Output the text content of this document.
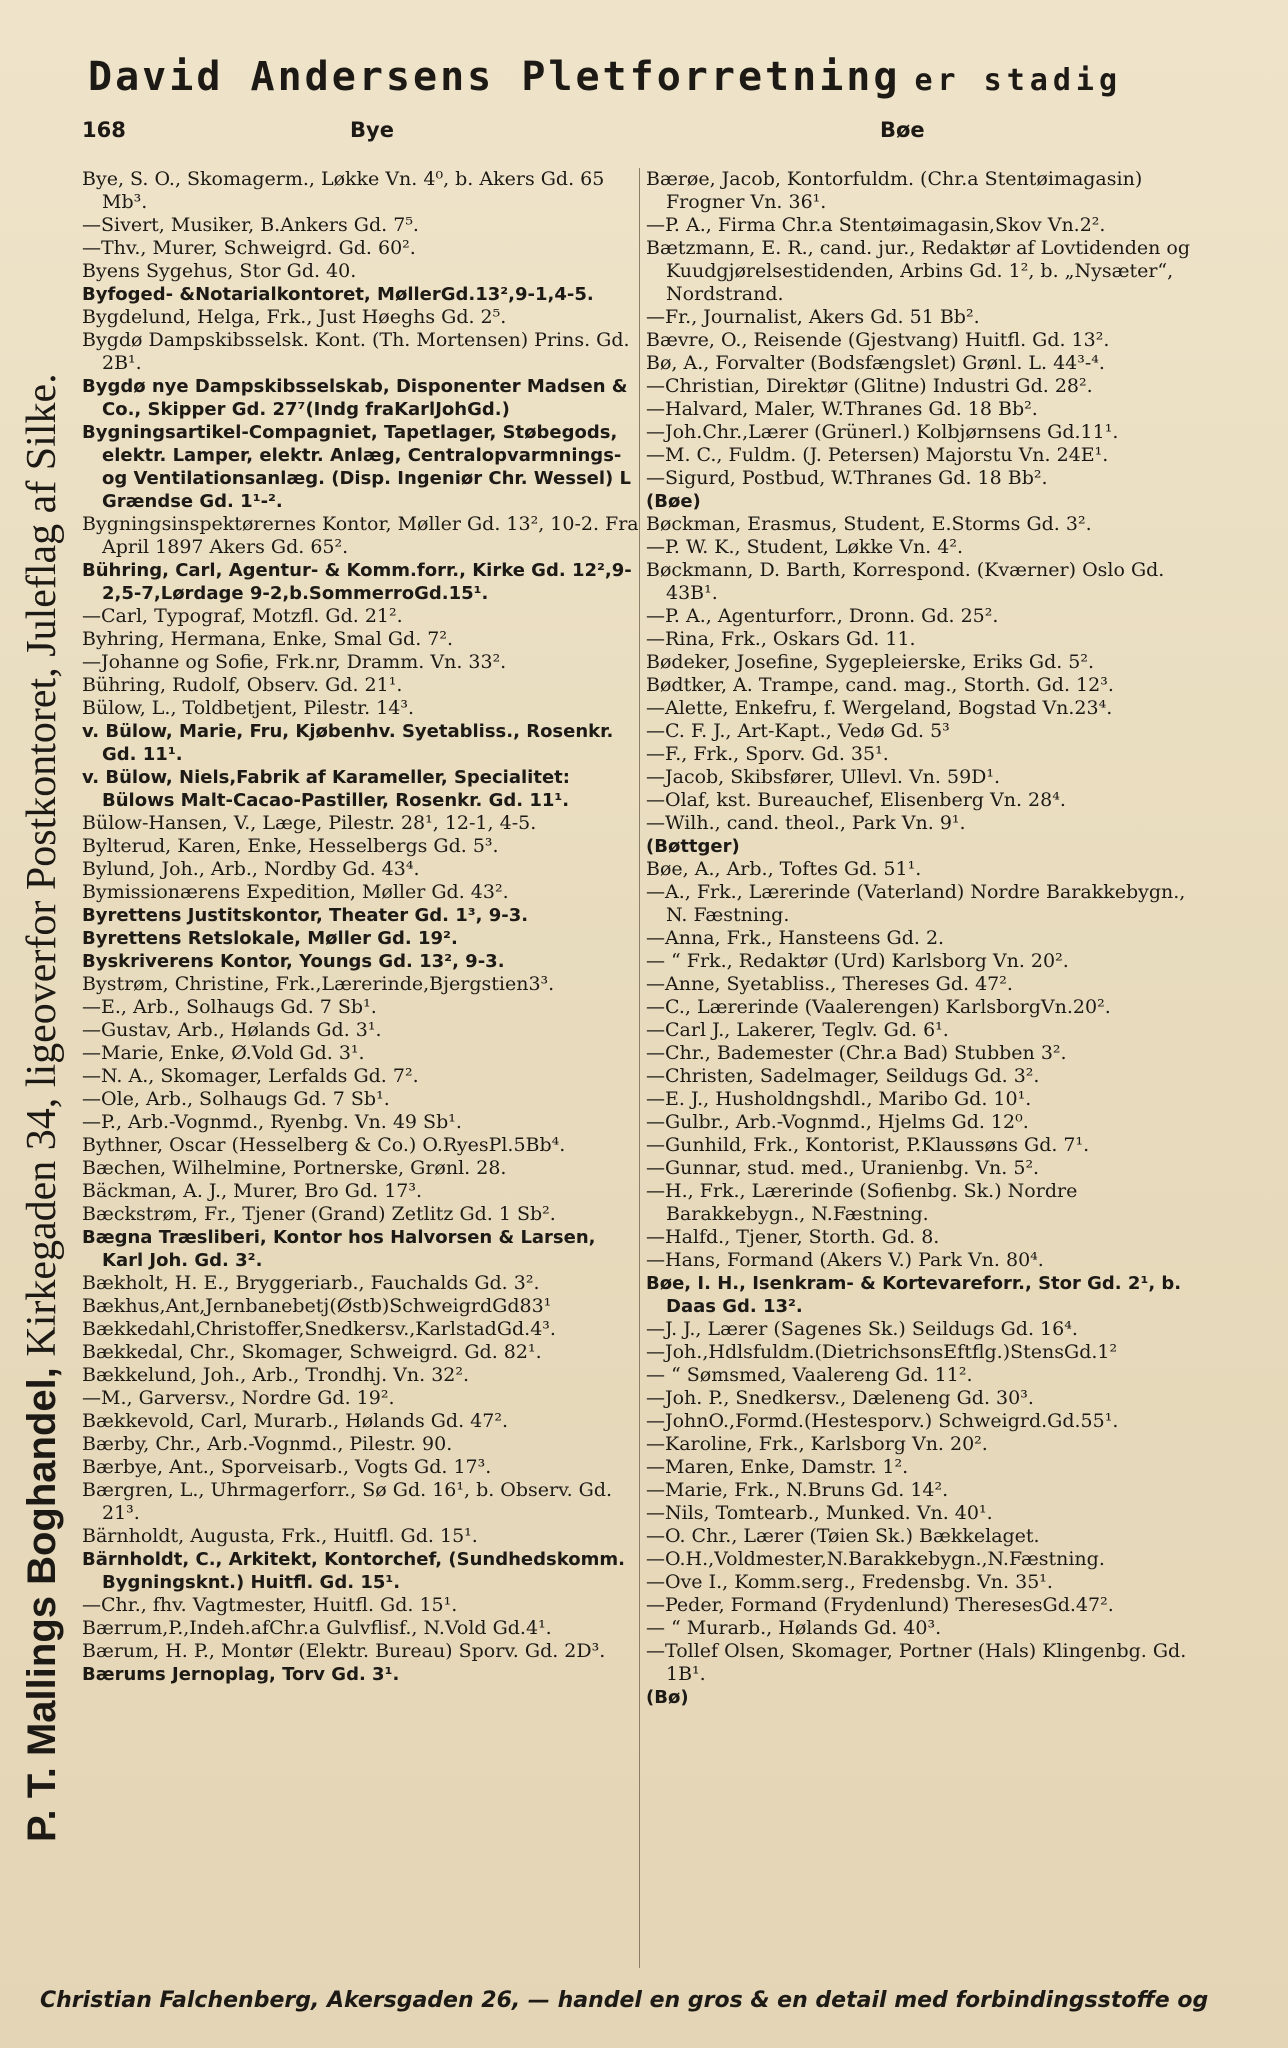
David Andersens Pletforretning er stadig
168	Bye	Bøe
P. T. Mallings Boghandel, Kirkegaden 34, ligeoverfor Postkontoret, Juleflag af Silke.
Bye, S. O., Skomagerm., Løkke Vn. 4⁰, b. Akers Gd. 65 Mb³.
—Sivert, Musiker, B.Ankers Gd. 7⁵.
—Thv., Murer, Schweigrd. Gd. 60².
Byens Sygehus, Stor Gd. 40.
Byfoged- &Notarialkontoret, MøllerGd.13²,9-1,4-5.
Bygdelund, Helga, Frk., Just Høeghs Gd. 2⁵.
Bygdø Dampskibsselsk. Kont. (Th. Mortensen) Prins. Gd. 2B¹.
Bygdø nye Dampskibsselskab, Disponenter Madsen & Co., Skipper Gd. 27⁷(Indg fraKarlJohGd.)
Bygningsartikel-Compagniet, Tapetlager, Støbegods, elektr. Lamper, elektr. Anlæg, Centralopvarmnings- og Ventilationsanlæg. (Disp. Ingeniør Chr. Wessel) L Grændse Gd. 1¹-².
Bygningsinspektørernes Kontor, Møller Gd. 13², 10-2. Fra April 1897 Akers Gd. 65².
Bühring, Carl, Agentur- & Komm.forr., Kirke Gd. 12²,9-2,5-7,Lørdage 9-2,b.SommerroGd.15¹.
—Carl, Typograf, Motzfl. Gd. 21².
Byhring, Hermana, Enke, Smal Gd. 7².
—Johanne og Sofie, Frk.nr, Dramm. Vn. 33².
Bühring, Rudolf, Observ. Gd. 21¹.
Bülow, L., Toldbetjent, Pilestr. 14³.
v. Bülow, Marie, Fru, Kjøbenhv. Syetabliss., Rosenkr. Gd. 11¹.
v. Bülow, Niels,Fabrik af Karameller, Specialitet: Bülows Malt-Cacao-Pastiller, Rosenkr. Gd. 11¹.
Bülow-Hansen, V., Læge, Pilestr. 28¹, 12-1, 4-5.
Bylterud, Karen, Enke, Hesselbergs Gd. 5³.
Bylund, Joh., Arb., Nordby Gd. 43⁴.
Bymissionærens Expedition, Møller Gd. 43².
Byrettens Justitskontor, Theater Gd. 1³, 9-3.
Byrettens Retslokale, Møller Gd. 19².
Byskriverens Kontor, Youngs Gd. 13², 9-3.
Bystrøm, Christine, Frk.,Lærerinde,Bjergstien3³.
—E., Arb., Solhaugs Gd. 7 Sb¹.
—Gustav, Arb., Hølands Gd. 3¹.
—Marie, Enke, Ø.Vold Gd. 3¹.
—N. A., Skomager, Lerfalds Gd. 7².
—Ole, Arb., Solhaugs Gd. 7 Sb¹.
—P., Arb.-Vognmd., Ryenbg. Vn. 49 Sb¹.
Bythner, Oscar (Hesselberg & Co.) O.RyesPl.5Bb⁴.
Bæchen, Wilhelmine, Portnerske, Grønl. 28.
Bäckman, A. J., Murer, Bro Gd. 17³.
Bæckstrøm, Fr., Tjener (Grand) Zetlitz Gd. 1 Sb².
Bægna Træsliberi, Kontor hos Halvorsen & Larsen, Karl Joh. Gd. 3².
Bækholt, H. E., Bryggeriarb., Fauchalds Gd. 3².
Bækhus,Ant,Jernbanebetj(Østb)SchweigrdGd83¹
Bækkedahl,Christoffer,Snedkersv.,KarlstadGd.4³.
Bækkedal, Chr., Skomager, Schweigrd. Gd. 82¹.
Bækkelund, Joh., Arb., Trondhj. Vn. 32².
—M., Garversv., Nordre Gd. 19².
Bækkevold, Carl, Murarb., Hølands Gd. 47².
Bærby, Chr., Arb.-Vognmd., Pilestr. 90.
Bærbye, Ant., Sporveisarb., Vogts Gd. 17³.
Bærgren, L., Uhrmagerforr., Sø Gd. 16¹, b. Observ. Gd. 21³.
Bärnholdt, Augusta, Frk., Huitfl. Gd. 15¹.
Bärnholdt, C., Arkitekt, Kontorchef, (Sundhedskomm. Bygningsknt.) Huitfl. Gd. 15¹.
—Chr., fhv. Vagtmester, Huitfl. Gd. 15¹.
Bærrum,P.,Indeh.afChr.a Gulvflisf., N.Vold Gd.4¹.
Bærum, H. P., Montør (Elektr. Bureau) Sporv. Gd. 2D³.
Bærums Jernoplag, Torv Gd. 3¹.
Bærøe, Jacob, Kontorfuldm. (Chr.a Stentøimagasin) Frogner Vn. 36¹.
—P. A., Firma Chr.a Stentøimagasin,Skov Vn.2².
Bætzmann, E. R., cand. jur., Redaktør af Lovtidenden og Kuudgjørelsestidenden, Arbins Gd. 1², b. „Nysæter“, Nordstrand.
—Fr., Journalist, Akers Gd. 51 Bb².
Bævre, O., Reisende (Gjestvang) Huitfl. Gd. 13².
Bø, A., Forvalter (Bodsfængslet) Grønl. L. 44³-⁴.
—Christian, Direktør (Glitne) Industri Gd. 28².
—Halvard, Maler, W.Thranes Gd. 18 Bb².
—Joh.Chr.,Lærer (Grünerl.) Kolbjørnsens Gd.11¹.
—M. C., Fuldm. (J. Petersen) Majorstu Vn. 24E¹.
—Sigurd, Postbud, W.Thranes Gd. 18 Bb².
(Bøe)
Bøckman, Erasmus, Student, E.Storms Gd. 3².
—P. W. K., Student, Løkke Vn. 4².
Bøckmann, D. Barth, Korrespond. (Kværner) Oslo Gd. 43B¹.
—P. A., Agenturforr., Dronn. Gd. 25².
—Rina, Frk., Oskars Gd. 11.
Bødeker, Josefine, Sygepleierske, Eriks Gd. 5².
Bødtker, A. Trampe, cand. mag., Storth. Gd. 12³.
—Alette, Enkefru, f. Wergeland, Bogstad Vn.23⁴.
—C. F. J., Art-Kapt., Vedø Gd. 5³
—F., Frk., Sporv. Gd. 35¹.
—Jacob, Skibsfører, Ullevl. Vn. 59D¹.
—Olaf, kst. Bureauchef, Elisenberg Vn. 28⁴.
—Wilh., cand. theol., Park Vn. 9¹.
(Bøttger)
Bøe, A., Arb., Toftes Gd. 51¹.
—A., Frk., Lærerinde (Vaterland) Nordre Barakkebygn., N. Fæstning.
—Anna, Frk., Hansteens Gd. 2.
— “ Frk., Redaktør (Urd) Karlsborg Vn. 20².
—Anne, Syetabliss., Thereses Gd. 47².
—C., Lærerinde (Vaalerengen) KarlsborgVn.20².
—Carl J., Lakerer, Teglv. Gd. 6¹.
—Chr., Bademester (Chr.a Bad) Stubben 3².
—Christen, Sadelmager, Seildugs Gd. 3².
—E. J., Husholdngshdl., Maribo Gd. 10¹.
—Gulbr., Arb.-Vognmd., Hjelms Gd. 12⁰.
—Gunhild, Frk., Kontorist, P.Klaussøns Gd. 7¹.
—Gunnar, stud. med., Uranienbg. Vn. 5².
—H., Frk., Lærerinde (Sofienbg. Sk.) Nordre Barakkebygn., N.Fæstning.
—Halfd., Tjener, Storth. Gd. 8.
—Hans, Formand (Akers V.) Park Vn. 80⁴.
Bøe, I. H., Isenkram- & Kortevareforr., Stor Gd. 2¹, b. Daas Gd. 13².
—J. J., Lærer (Sagenes Sk.) Seildugs Gd. 16⁴.
—Joh.,Hdlsfuldm.(DietrichsonsEftflg.)StensGd.1²
— “ Sømsmed, Vaalereng Gd. 11².
—Joh. P., Snedkersv., Dæleneng Gd. 30³.
—JohnO.,Formd.(Hestesporv.) Schweigrd.Gd.55¹.
—Karoline, Frk., Karlsborg Vn. 20².
—Maren, Enke, Damstr. 1².
—Marie, Frk., N.Bruns Gd. 14².
—Nils, Tomtearb., Munked. Vn. 40¹.
—O. Chr., Lærer (Tøien Sk.) Bækkelaget.
—O.H.,Voldmester,N.Barakkebygn.,N.Fæstning.
—Ove I., Komm.serg., Fredensbg. Vn. 35¹.
—Peder, Formand (Frydenlund) TheresesGd.47².
— “ Murarb., Hølands Gd. 40³.
—Tollef Olsen, Skomager, Portner (Hals) Klingenbg. Gd. 1B¹.
(Bø)
Christian Falchenberg, Akersgaden 26, — handel en gros & en detail med forbindingsstoffe og
